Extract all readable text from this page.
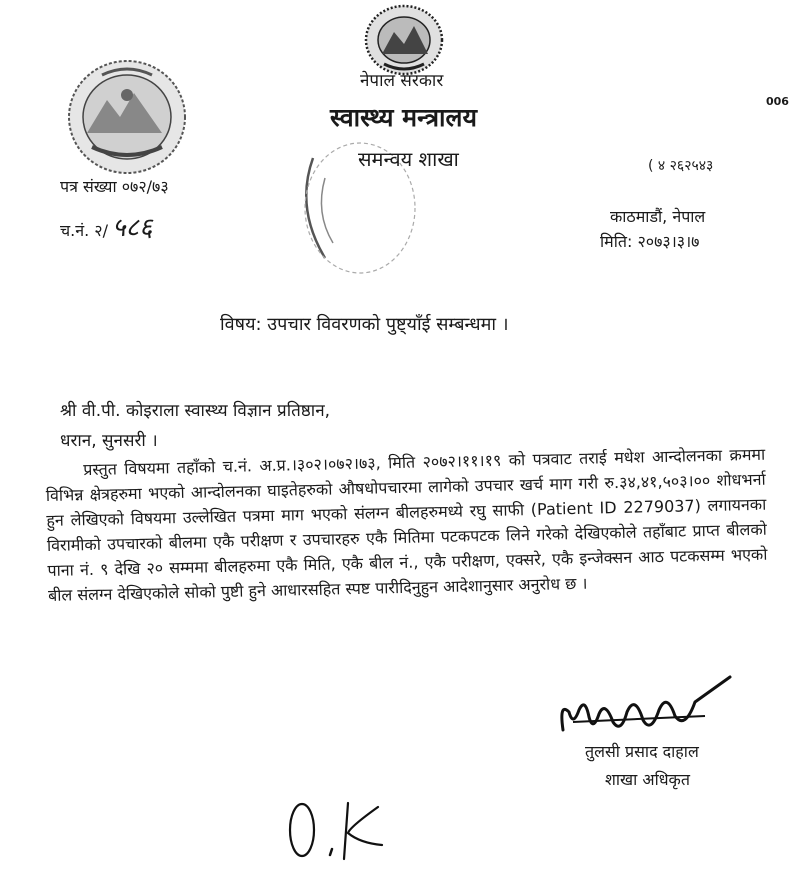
नेपाल सरकार
स्वास्थ्य मन्त्रालय
समन्वय शाखा
006
( ४ २६२५४३
पत्र संख्या ०७२/७३
च.नं. २/ ५८६	काठमाडौं, नेपाल
मिति: २०७३।३।७
विषय: उपचार विवरणको पुष्ट्याँई सम्बन्धमा ।
श्री वी.पी. कोइराला स्वास्थ्य विज्ञान प्रतिष्ठान,
धरान, सुनसरी ।

प्रस्तुत विषयमा तहाँको च.नं. अ.प्र.।३०२।०७२।७३, मिति २०७२।११।१९ को पत्रवाट तराई मधेश आन्दोलनका क्रममा विभिन्न क्षेत्रहरुमा भएको आन्दोलनका घाइतेहरुको औषधोपचारमा लागेको उपचार खर्च माग गरी रु.३४,४१,५०३।०० शोधभर्ना हुन लेखिएको विषयमा उल्लेखित पत्रमा माग भएको संलग्न बीलहरुमध्ये रघु साफी (Patient ID 2279037) लगायनका विरामीको उपचारको बीलमा एकै परीक्षण र उपचारहरु एकै मितिमा पटकपटक लिने गरेको देखिएकोले तहाँबाट प्राप्त बीलको पाना नं. ९ देखि २० सम्ममा बीलहरुमा एकै मिति, एकै बील नं., एकै परीक्षण, एक्सरे, एकै इन्जेक्सन आठ पटकसम्म भएको बील संलग्न देखिएकोले सोको पुष्टी हुने आधारसहित स्पष्ट पारीदिनुहुन आदेशानुसार अनुरोध छ ।

तुलसी प्रसाद दाहाल
शाखा अधिकृत
